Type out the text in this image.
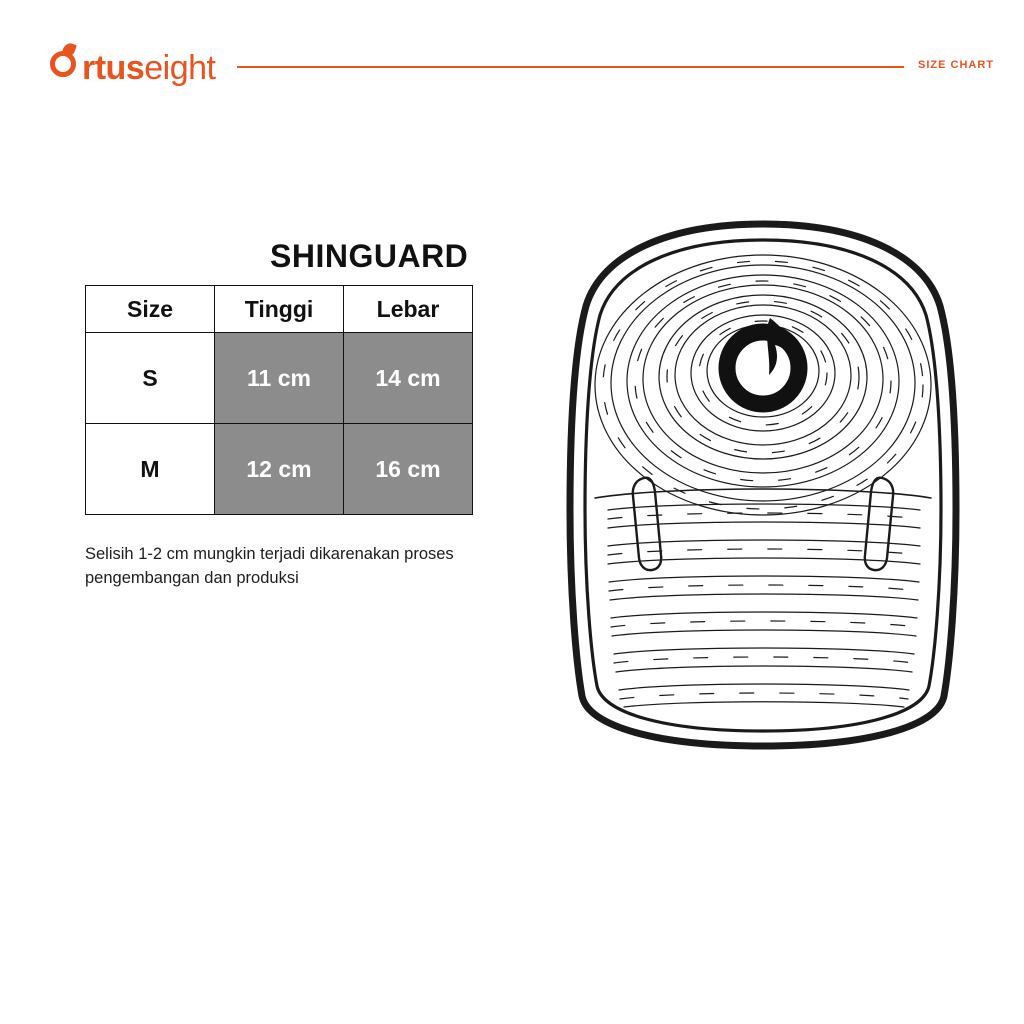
rtus eight	SIZE CHART
SHINGUARD
Size	Tinggi	Lebar
S	11 cm	14 cm
M	12 cm	16 cm

Selisih 1-2 cm mungkin terjadi dikarenakan proses pengembangan dan produksi
